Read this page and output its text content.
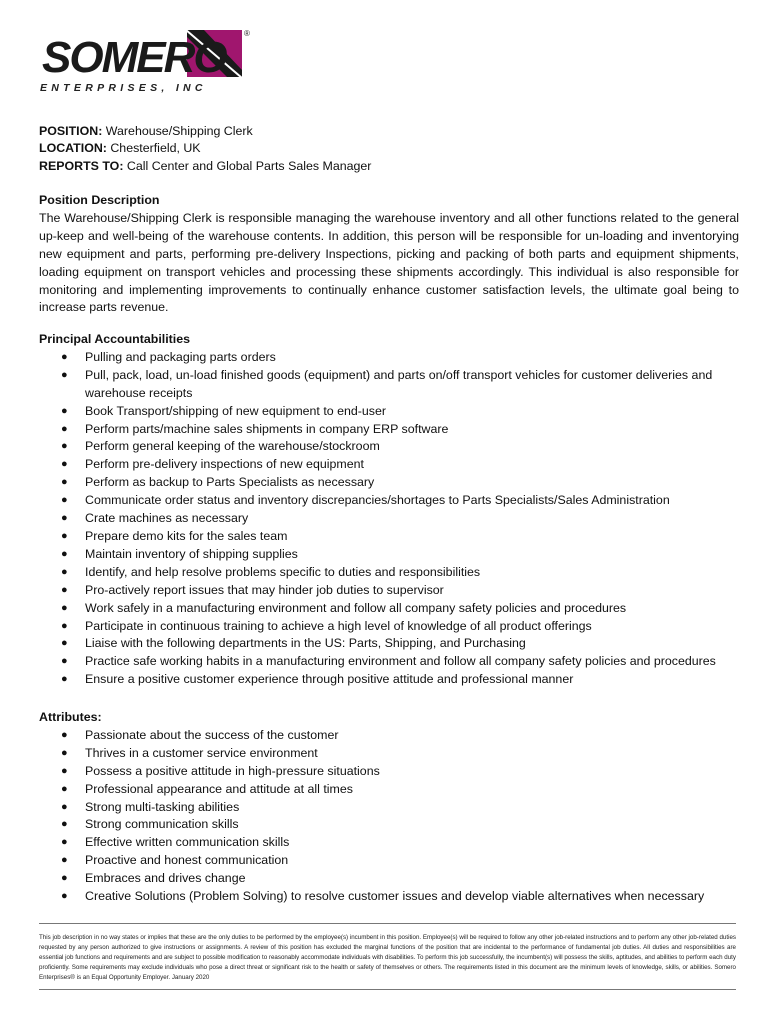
SOMERO ®
ENTERPRISES, INC
POSITION: Warehouse/Shipping Clerk
LOCATION: Chesterfield, UK
REPORTS TO: Call Center and Global Parts Sales Manager
Position Description

The Warehouse/Shipping Clerk is responsible managing the warehouse inventory and all other functions related to the general up-keep and well-being of the warehouse contents. In addition, this person will be responsible for un-loading and inventorying new equipment and parts, performing pre-delivery Inspections, picking and packing of both parts and equipment shipments, loading equipment on transport vehicles and processing these shipments accordingly. This individual is also responsible for monitoring and implementing improvements to continually enhance customer satisfaction levels, the ultimate goal being to increase parts revenue.

Principal Accountabilities
● Pulling and packaging parts orders
● Pull, pack, load, un-load finished goods (equipment) and parts on/off transport vehicles for customer deliveries and warehouse receipts
● Book Transport/shipping of new equipment to end-user
● Perform parts/machine sales shipments in company ERP software
● Perform general keeping of the warehouse/stockroom
● Perform pre-delivery inspections of new equipment
● Perform as backup to Parts Specialists as necessary
● Communicate order status and inventory discrepancies/shortages to Parts Specialists/Sales Administration
● Crate machines as necessary
● Prepare demo kits for the sales team
● Maintain inventory of shipping supplies
● Identify, and help resolve problems specific to duties and responsibilities
● Pro-actively report issues that may hinder job duties to supervisor
● Work safely in a manufacturing environment and follow all company safety policies and procedures
● Participate in continuous training to achieve a high level of knowledge of all product offerings
● Liaise with the following departments in the US: Parts, Shipping, and Purchasing
● Practice safe working habits in a manufacturing environment and follow all company safety policies and procedures
● Ensure a positive customer experience through positive attitude and professional manner
Attributes:
● Passionate about the success of the customer
● Thrives in a customer service environment
● Possess a positive attitude in high-pressure situations
● Professional appearance and attitude at all times
● Strong multi-tasking abilities
● Strong communication skills
● Effective written communication skills
● Proactive and honest communication
● Embraces and drives change
● Creative Solutions (Problem Solving) to resolve customer issues and develop viable alternatives when necessary
This job description in no way states or implies that these are the only duties to be performed by the employee(s) incumbent in this position. Employee(s) will be required to follow any other job-related instructions and to perform any other job-related duties requested by any person authorized to give instructions or assignments. A review of this position has excluded the marginal functions of the position that are incidental to the performance of fundamental job duties. All duties and responsibilities are essential job functions and requirements and are subject to possible modification to reasonably accommodate individuals with disabilities. To perform this job successfully, the incumbent(s) will possess the skills, aptitudes, and abilities to perform each duty proficiently. Some requirements may exclude individuals who pose a direct threat or significant risk to the health or safety of themselves or others. The requirements listed in this document are the minimum levels of knowledge, skills, or abilities. Somero Enterprises® is an Equal Opportunity Employer. January 2020
